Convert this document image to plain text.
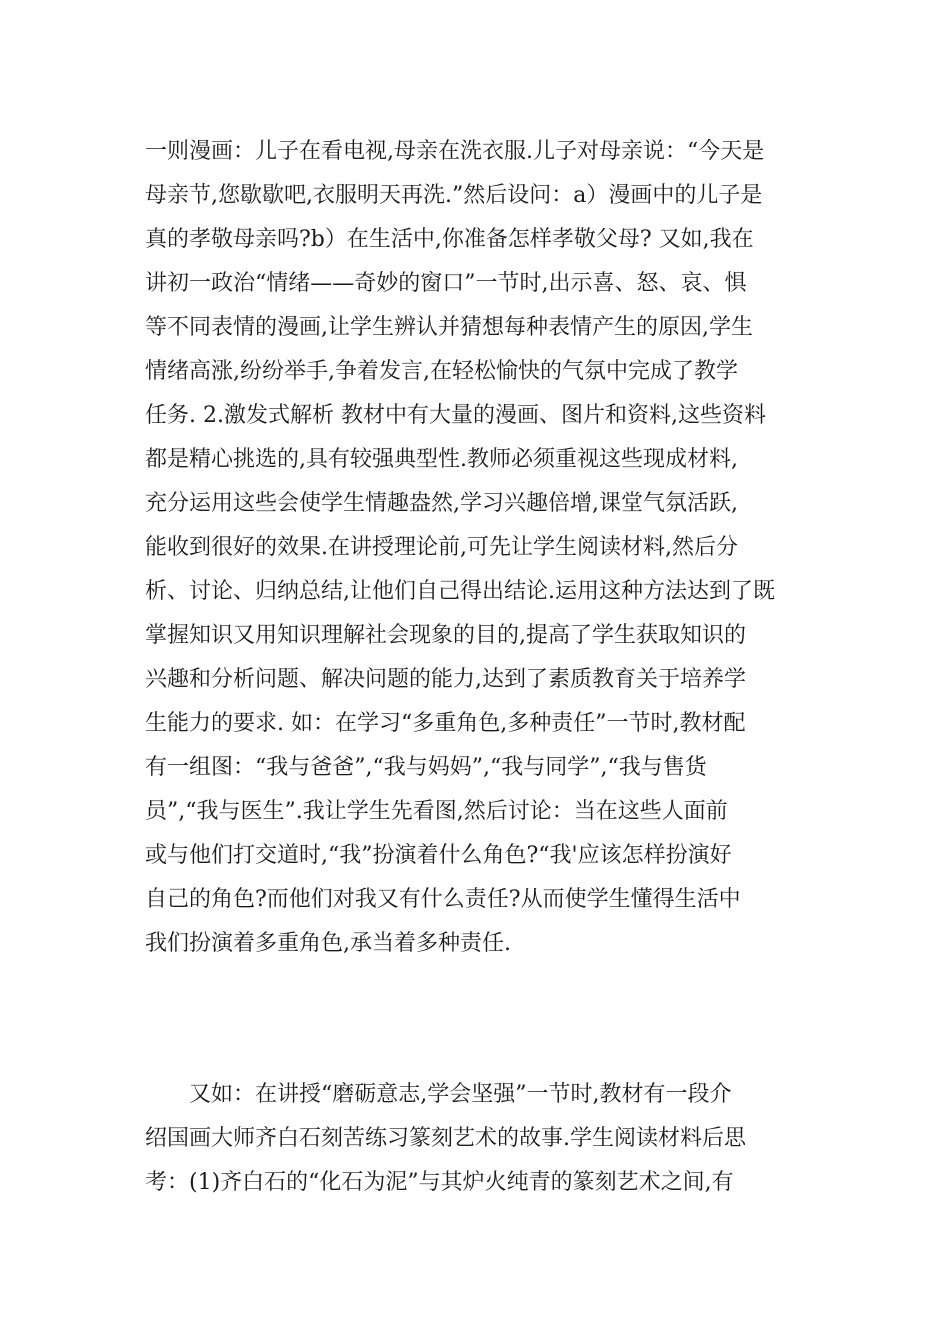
一则漫画：儿子在看电视,母亲在洗衣服.儿子对母亲说：“今天是
母亲节,您歇歇吧,衣服明天再洗.”然后设问：a）漫画中的儿子是
真的孝敬母亲吗?b）在生活中,你准备怎样孝敬父母? 又如,我在
讲初一政治“情绪——奇妙的窗口”一节时,出示喜、怒、哀、惧
等不同表情的漫画,让学生辨认并猜想每种表情产生的原因,学生
情绪高涨,纷纷举手,争着发言,在轻松愉快的气氛中完成了教学
任务. 2.激发式解析 教材中有大量的漫画、图片和资料,这些资料
都是精心挑选的,具有较强典型性.教师必须重视这些现成材料,
充分运用这些会使学生情趣盎然,学习兴趣倍增,课堂气氛活跃,
能收到很好的效果.在讲授理论前,可先让学生阅读材料,然后分
析、讨论、归纳总结,让他们自己得出结论.运用这种方法达到了既
掌握知识又用知识理解社会现象的目的,提高了学生获取知识的
兴趣和分析问题、解决问题的能力,达到了素质教育关于培养学
生能力的要求. 如：在学习“多重角色,多种责任”一节时,教材配
有一组图：“我与爸爸”,“我与妈妈”,“我与同学”,“我与售货
员”,“我与医生”.我让学生先看图,然后讨论：当在这些人面前
或与他们打交道时,“我”扮演着什么角色?“我'应该怎样扮演好
自己的角色?而他们对我又有什么责任?从而使学生懂得生活中
我们扮演着多重角色,承当着多种责任.
又如：在讲授“磨砺意志,学会坚强”一节时,教材有一段介
绍国画大师齐白石刻苦练习篆刻艺术的故事.学生阅读材料后思
考：(1)齐白石的“化石为泥”与其炉火纯青的篆刻艺术之间,有
